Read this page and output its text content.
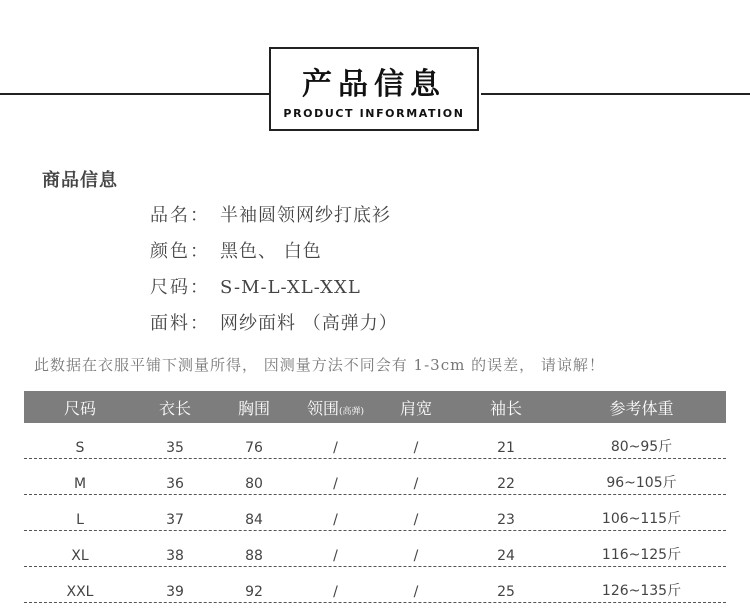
产品信息
PRODUCT INFORMATION
商品信息
品名： 半袖圆领网纱打底衫
颜色： 黑色、 白色
尺码： S-M-L-XL-XXL
面料： 网纱面料 （高弹力）
此数据在衣服平铺下测量所得， 因测量方法不同会有 1-3cm 的误差， 请谅解！
尺码	衣长	胸围	领围(高弹)	肩宽	袖长	参考体重
S	35	76	/	/	21	80~95斤
M	36	80	/	/	22	96~105斤
L	37	84	/	/	23	106~115斤
XL	38	88	/	/	24	116~125斤
XXL	39	92	/	/	25	126~135斤
